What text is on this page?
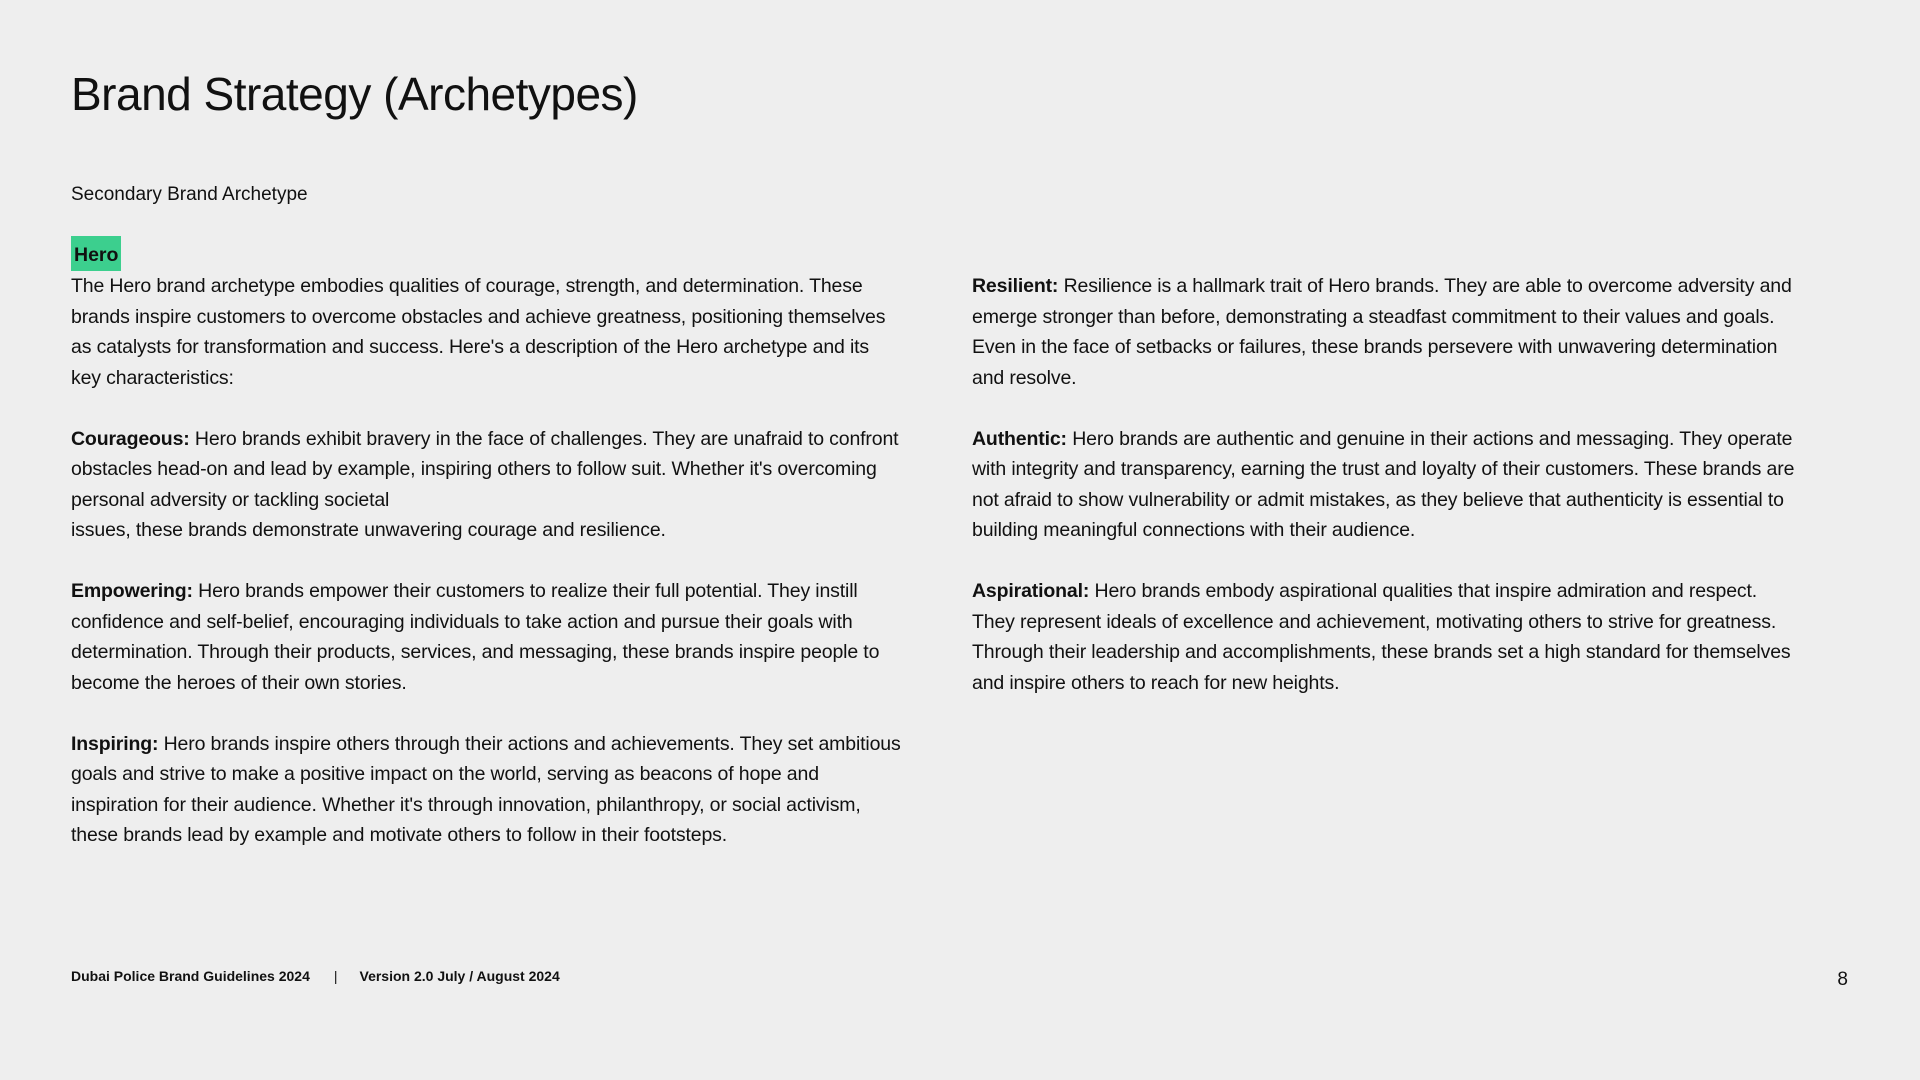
Brand Strategy (Archetypes)
Secondary Brand Archetype
Hero

The Hero brand archetype embodies qualities of courage, strength, and determination. These brands inspire customers to overcome obstacles and achieve greatness, positioning themselves as catalysts for transformation and success. Here's a description of the Hero archetype and its key characteristics:

Courageous: Hero brands exhibit bravery in the face of challenges. They are unafraid to confront obstacles head-on and lead by example, inspiring others to follow suit. Whether it's overcoming personal adversity or tackling societal
issues, these brands demonstrate unwavering courage and resilience.

Empowering: Hero brands empower their customers to realize their full potential. They instill confidence and self-belief, encouraging individuals to take action and pursue their goals with determination. Through their products, services, and messaging, these brands inspire people to become the heroes of their own stories.

Inspiring: Hero brands inspire others through their actions and achievements. They set ambitious goals and strive to make a positive impact on the world, serving as beacons of hope and inspiration for their audience. Whether it's through innovation, philanthropy, or social activism, these brands lead by example and motivate others to follow in their footsteps.

Resilient: Resilience is a hallmark trait of Hero brands. They are able to overcome adversity and emerge stronger than before, demonstrating a steadfast commitment to their values and goals. Even in the face of setbacks or failures, these brands persevere with unwavering determination and resolve.

Authentic: Hero brands are authentic and genuine in their actions and messaging. They operate with integrity and transparency, earning the trust and loyalty of their customers. These brands are not afraid to show vulnerability or admit mistakes, as they believe that authenticity is essential to building meaningful connections with their audience.

Aspirational: Hero brands embody aspirational qualities that inspire admiration and respect. They represent ideals of excellence and achievement, motivating others to strive for greatness. Through their leadership and accomplishments, these brands set a high standard for themselves and inspire others to reach for new heights.

Dubai Police Brand Guidelines 2024 | Version 2.0 July / August 2024	8
